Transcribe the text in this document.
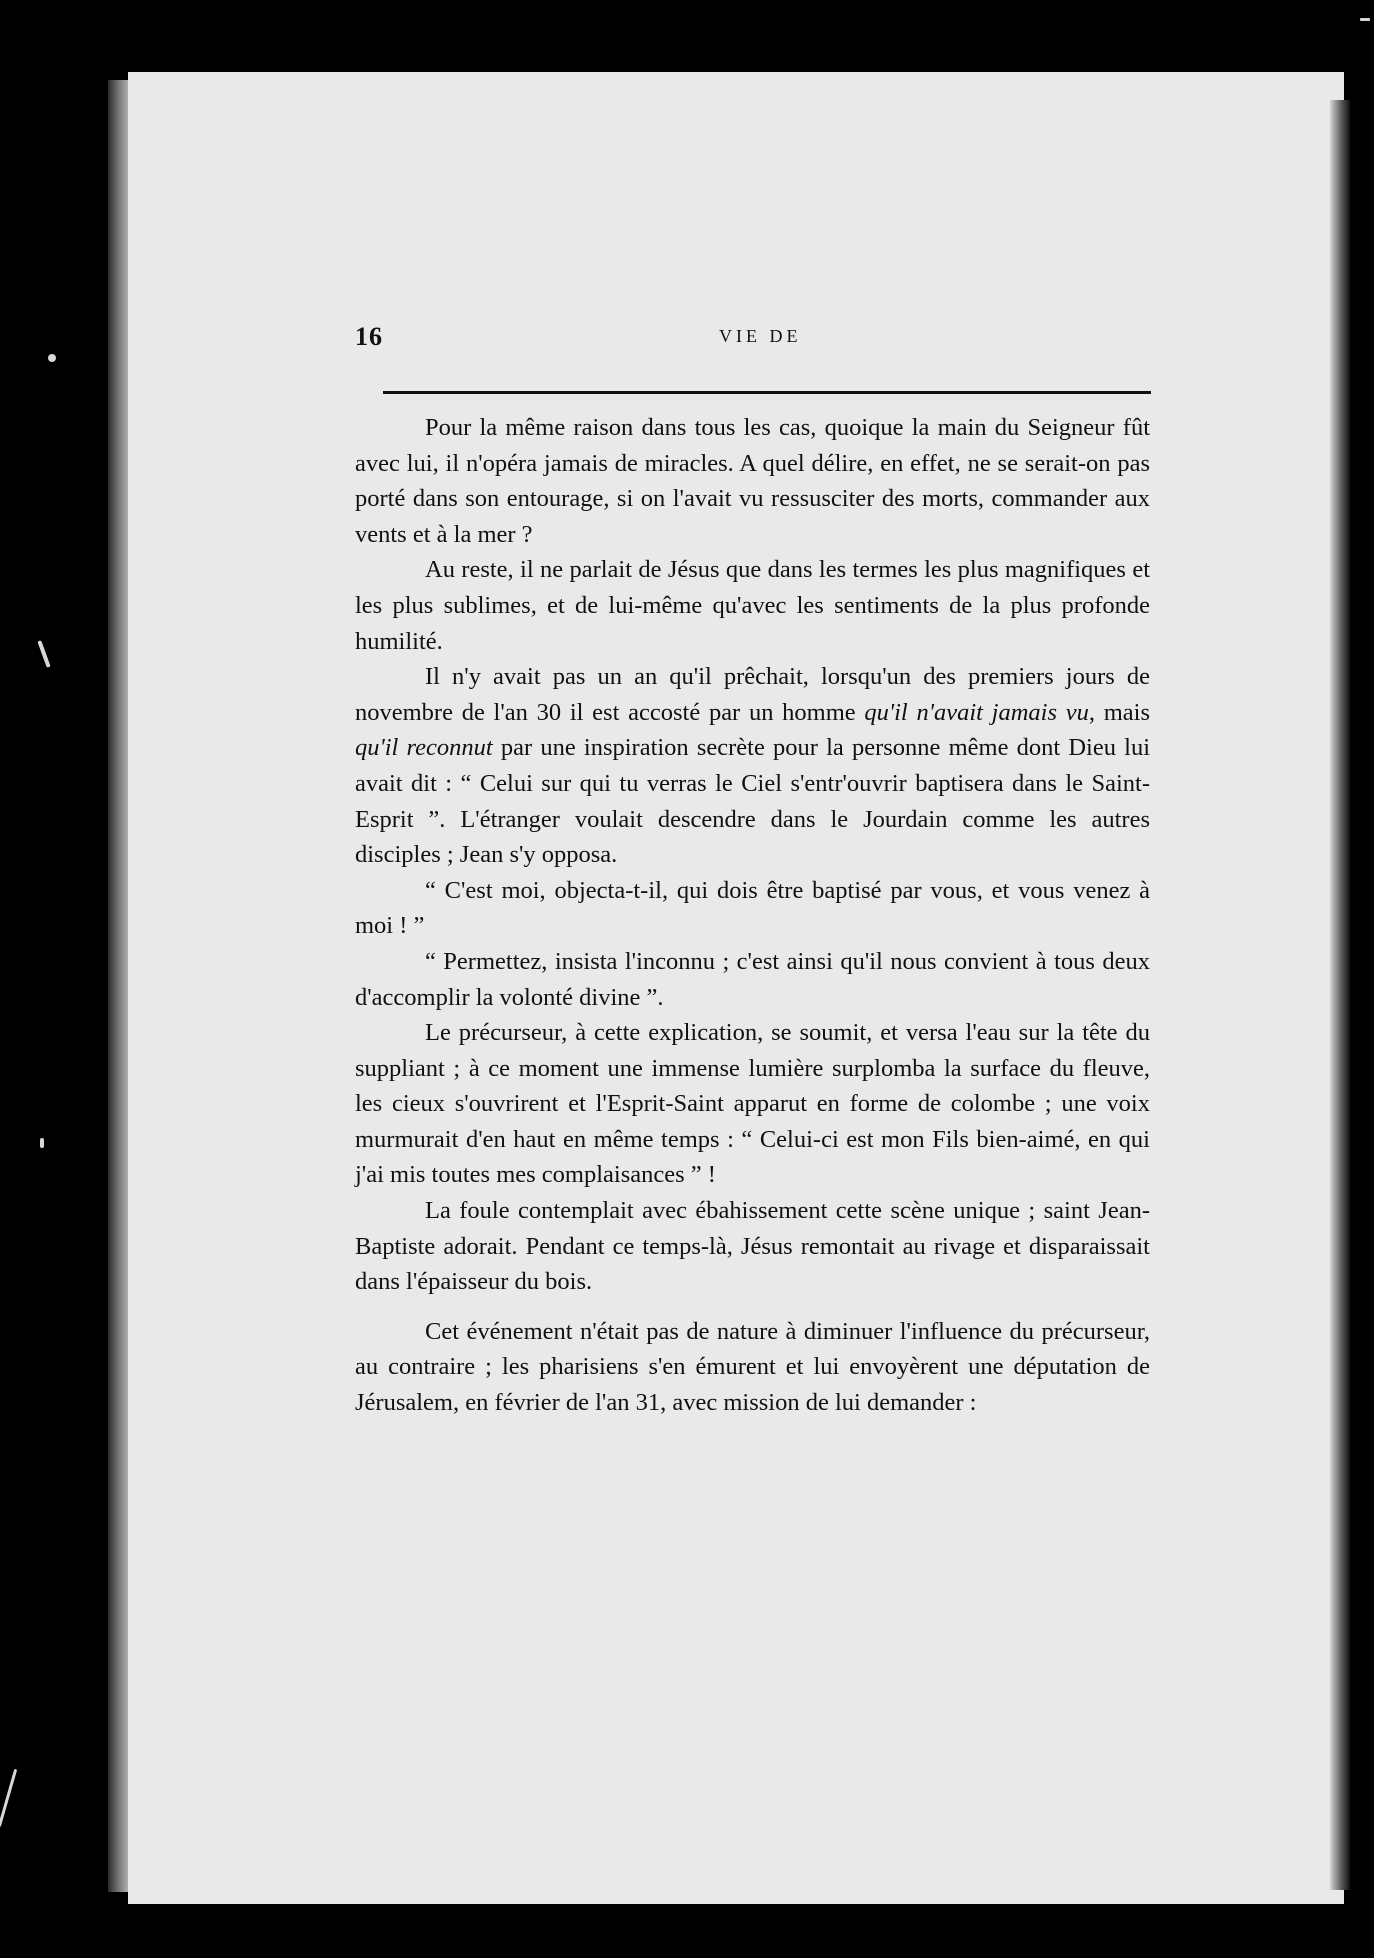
16	VIE DE

Pour la même raison dans tous les cas, quoique la main du Seigneur fût avec lui, il n'opéra jamais de miracles. A quel délire, en effet, ne se serait-on pas porté dans son entourage, si on l'avait vu ressusciter des morts, commander aux vents et à la mer ?

Au reste, il ne parlait de Jésus que dans les termes les plus magnifiques et les plus sublimes, et de lui-même qu'avec les sentiments de la plus profonde humilité.

Il n'y avait pas un an qu'il prêchait, lorsqu'un des premiers jours de novembre de l'an 30 il est accosté par un homme qu'il n'avait jamais vu, mais qu'il reconnut par une inspiration secrète pour la personne même dont Dieu lui avait dit : “ Celui sur qui tu verras le Ciel s'entr'ouvrir baptisera dans le Saint-Esprit ”. L'étranger voulait descendre dans le Jourdain comme les autres disciples ; Jean s'y opposa.

“ C'est moi, objecta-t-il, qui dois être baptisé par vous, et vous venez à moi ! ”

“ Permettez, insista l'inconnu ; c'est ainsi qu'il nous convient à tous deux d'accomplir la volonté divine ”.

Le précurseur, à cette explication, se soumit, et versa l'eau sur la tête du suppliant ; à ce moment une immense lumière surplomba la surface du fleuve, les cieux s'ouvrirent et l'Esprit-Saint apparut en forme de colombe ; une voix murmurait d'en haut en même temps : “ Celui-ci est mon Fils bien-aimé, en qui j'ai mis toutes mes complaisances ” !

La foule contemplait avec ébahissement cette scène unique ; saint Jean-Baptiste adorait. Pendant ce temps-là, Jésus remontait au rivage et disparaissait dans l'épaisseur du bois.

Cet événement n'était pas de nature à diminuer l'influence du précurseur, au contraire ; les pharisiens s'en émurent et lui envoyèrent une députation de Jérusalem, en février de l'an 31, avec mission de lui demander :
